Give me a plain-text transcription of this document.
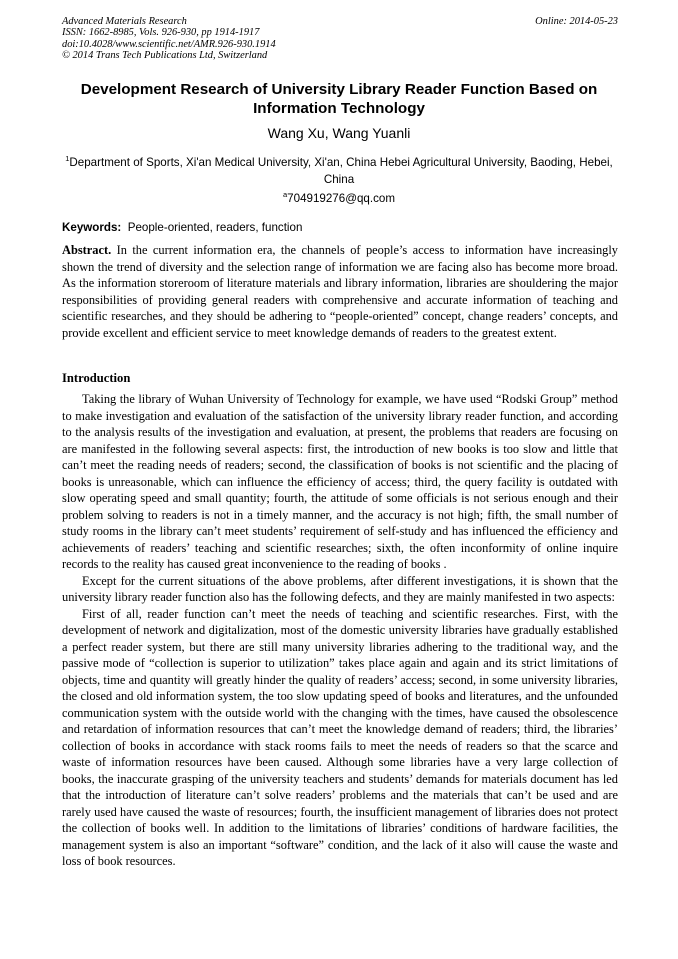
Advanced Materials Research
ISSN: 1662-8985, Vols. 926-930, pp 1914-1917
doi:10.4028/www.scientific.net/AMR.926-930.1914
© 2014 Trans Tech Publications Ltd, Switzerland
Online: 2014-05-23
Development Research of University Library Reader Function Based on Information Technology
Wang Xu, Wang Yuanli
$^1$Department of Sports, Xi'an Medical University, Xi'an, China Hebei Agricultural University, Baoding, Hebei, China
$^a$704919276@qq.com
Keywords: People-oriented, readers, function

Abstract. In the current information era, the channels of people’s access to information have increasingly shown the trend of diversity and the selection range of information we are facing also has become more broad. As the information storeroom of literature materials and library information, libraries are shouldering the major responsibilities of providing general readers with comprehensive and accurate information of teaching and scientific researches, and they should be adhering to “people-oriented” concept, change readers’ concepts, and provide excellent and efficient service to meet knowledge demands of readers to the greatest extent.

Introduction

Taking the library of Wuhan University of Technology for example, we have used “Rodski Group” method to make investigation and evaluation of the satisfaction of the university library reader function, and according to the analysis results of the investigation and evaluation, at present, the problems that readers are focusing on are manifested in the following several aspects: first, the introduction of new books is too slow and little that can’t meet the reading needs of readers; second, the classification of books is not scientific and the placing of books is unreasonable, which can influence the efficiency of access; third, the query facility is outdated with slow operating speed and small quantity; fourth, the attitude of some officials is not serious enough and their problem solving to readers is not in a timely manner, and the accuracy is not high; fifth, the small number of study rooms in the library can’t meet students’ requirement of self-study and has influenced the efficiency and achievements of readers’ teaching and scientific researches; sixth, the often inconformity of online inquire records to the reality has caused great inconvenience to the reading of books .

Except for the current situations of the above problems, after different investigations, it is shown that the university library reader function also has the following defects, and they are mainly manifested in two aspects:

First of all, reader function can’t meet the needs of teaching and scientific researches. First, with the development of network and digitalization, most of the domestic university libraries have gradually established a perfect reader system, but there are still many university libraries adhering to the traditional way, and the passive mode of “collection is superior to utilization” takes place again and again and its strict limitations of objects, time and quantity will greatly hinder the quality of readers’ access; second, in some university libraries, the closed and old information system, the too slow updating speed of books and literatures, and the unfounded communication system with the outside world with the changing with the times, have caused the obsolescence and retardation of information resources that can’t meet the knowledge demand of readers; third, the libraries’ collection of books in accordance with stack rooms fails to meet the needs of readers so that the scarce and waste of information resources have been caused. Although some libraries have a very large collection of books, the inaccurate grasping of the university teachers and students’ demands for materials document has led that the introduction of literature can’t solve readers’ problems and the materials that can’t be used and are rarely used have caused the waste of resources; fourth, the insufficient management of libraries does not protect the collection of books well. In addition to the limitations of libraries’ conditions of hardware facilities, the management system is also an important “software” condition, and the lack of it also will cause the waste and loss of book resources.
